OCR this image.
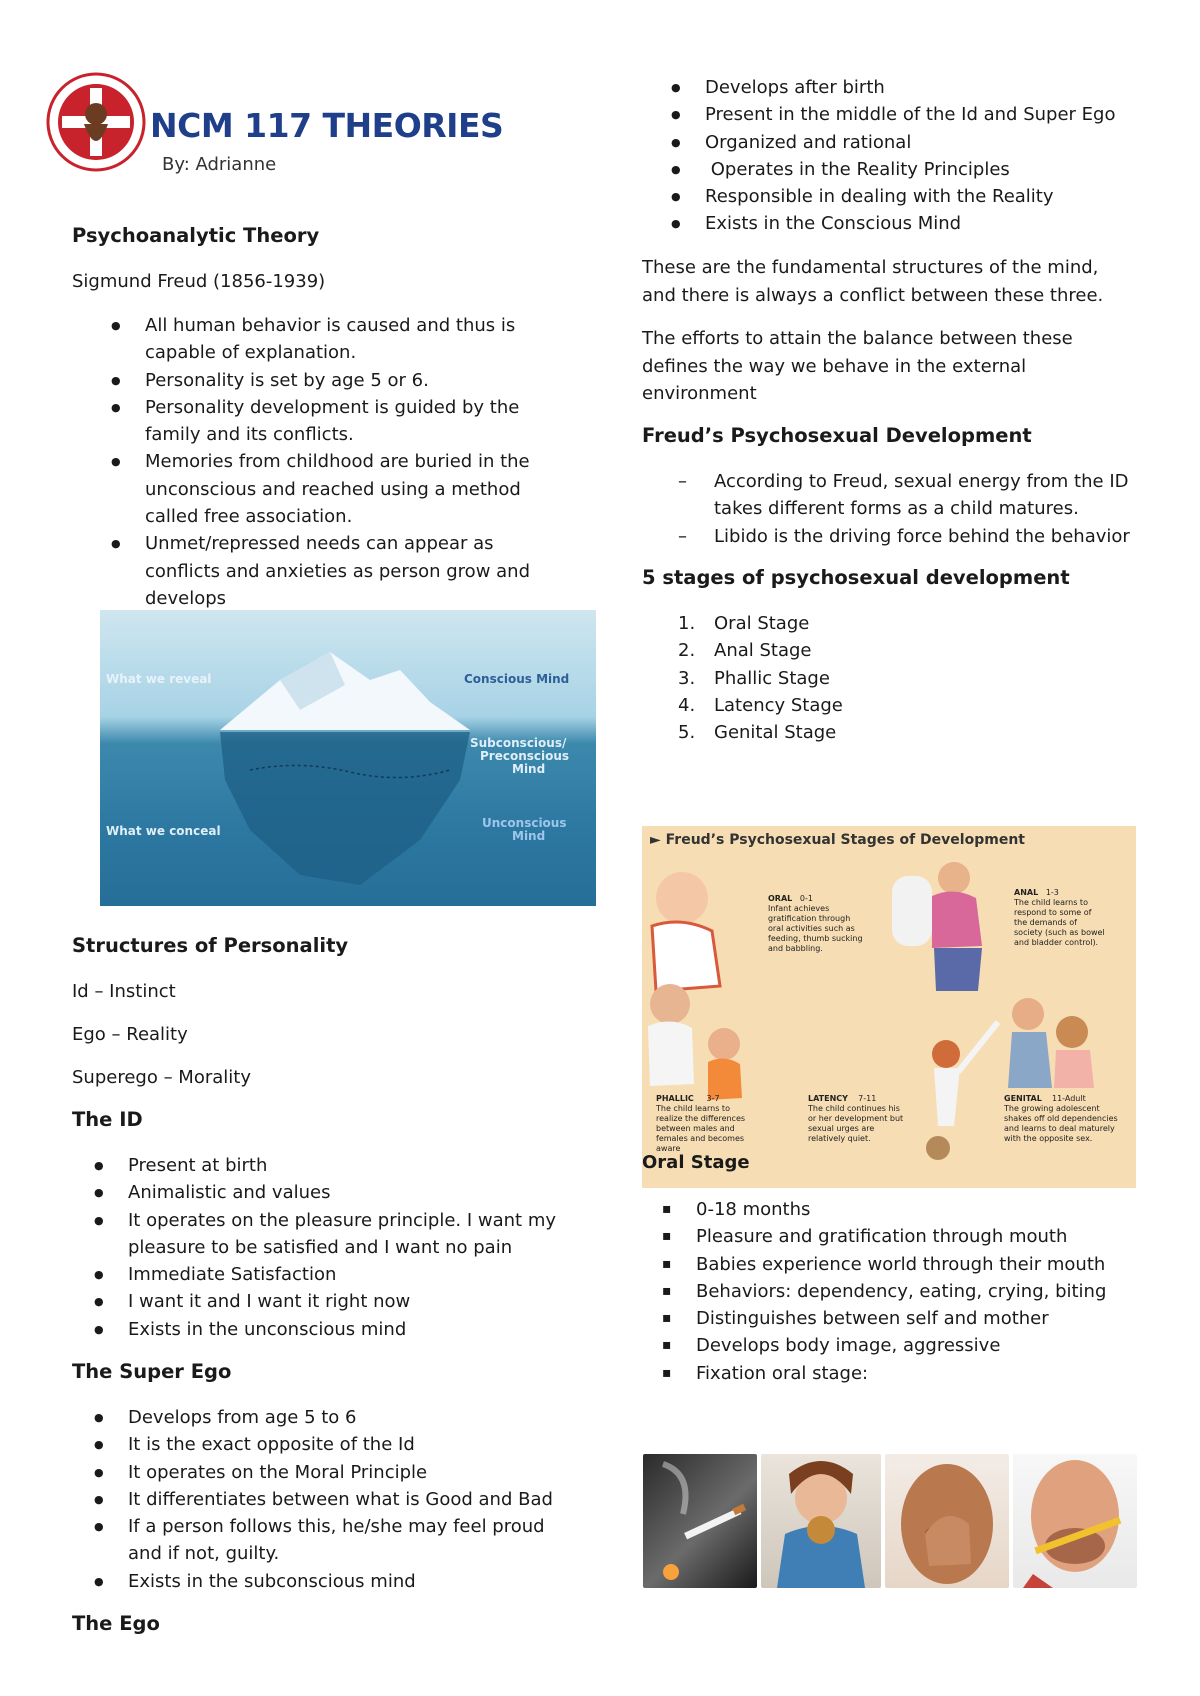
NCM 117 THEORIES
By: Adrianne
Psychoanalytic Theory
Sigmund Freud (1856-1939)
● All human behavior is caused and thus is capable of explanation.
● Personality is set by age 5 or 6.
● Personality development is guided by the family and its conflicts.
● Memories from childhood are buried in the unconscious and reached using a method called free association.
● Unmet/repressed needs can appear as conflicts and anxieties as person grow and develops
What we reveal	Conscious Mind
Subconscious/
Preconscious
Mind
What we conceal
Unconscious
Mind
Structures of Personality
Id – Instinct
Ego – Reality
Superego – Morality
The ID
● Present at birth
● Animalistic and values
● It operates on the pleasure principle. I want my pleasure to be satisfied and I want no pain
● Immediate Satisfaction
● I want it and I want it right now
● Exists in the unconscious mind
The Super Ego
● Develops from age 5 to 6
● It is the exact opposite of the Id
● It operates on the Moral Principle
● It differentiates between what is Good and Bad
● If a person follows this, he/she may feel proud and if not, guilty.
● Exists in the subconscious mind
The Ego
● Develops after birth
● Present in the middle of the Id and Super Ego
● Organized and rational
●  Operates in the Reality Principles
● Responsible in dealing with the Reality
● Exists in the Conscious Mind
These are the fundamental structures of the mind, and there is always a conflict between these three.
The efforts to attain the balance between these defines the way we behave in the external environment
Freud’s Psychosexual Development
– According to Freud, sexual energy from the ID takes different forms as a child matures.
– Libido is the driving force behind the behavior
5 stages of psychosexual development
1. Oral Stage
2. Anal Stage
3. Phallic Stage
4. Latency Stage
5. Genital Stage
► Freud’s Psychosexual Stages of Development
ORAL 0-1
Infant achieves gratification through oral activities such as feeding, thumb sucking and babbling.
ANAL 1-3
The child learns to respond to some of the demands of society (such as bowel and bladder control).
PHALLIC 3-7
The child learns to realize the differences between males and females and becomes aware
LATENCY 7-11
The child continues his or her development but sexual urges are relatively quiet.
GENITAL 11-Adult
The growing adolescent shakes off old dependencies and learns to deal maturely with the opposite sex.
Oral Stage
▪ 0-18 months
▪ Pleasure and gratification through mouth
▪ Babies experience world through their mouth
▪ Behaviors: dependency, eating, crying, biting
▪ Distinguishes between self and mother
▪ Develops body image, aggressive
▪ Fixation oral stage:
